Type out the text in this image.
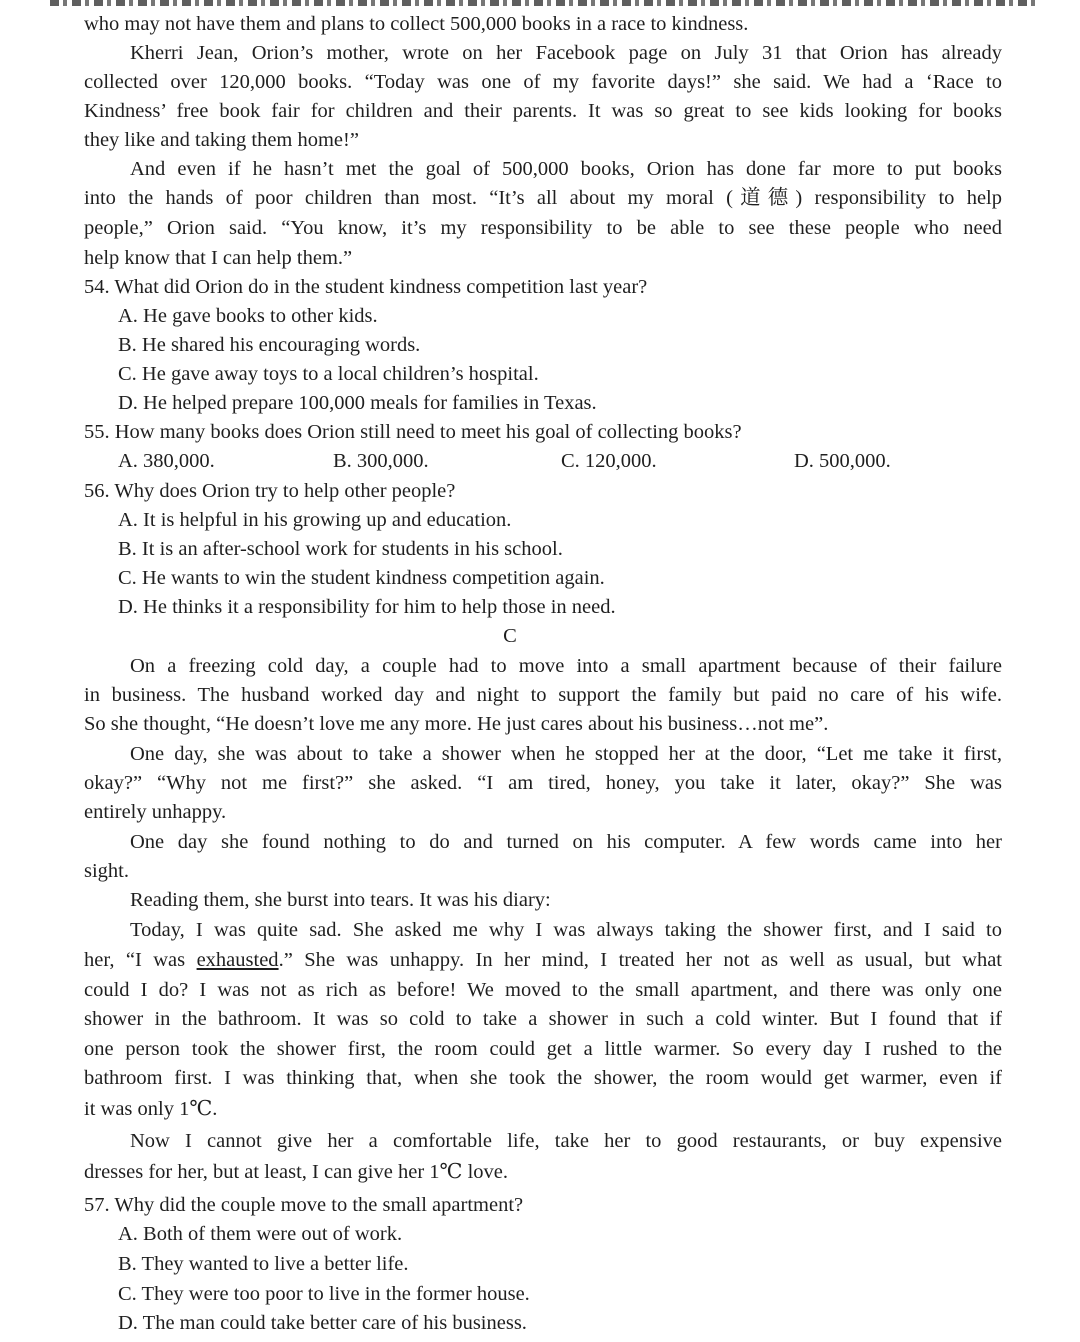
who may not have them and plans to collect 500,000 books in a race to kindness.
Kherri Jean, Orion’s mother, wrote on her Facebook page on July 31 that Orion has already
collected over 120,000 books. “Today was one of my favorite days!” she said. We had a ‘Race to
Kindness’ free book fair for children and their parents. It was so great to see kids looking for books
they like and taking them home!”
And even if he hasn’t met the goal of 500,000 books, Orion has done far more to put books
into the hands of poor children than most. “It’s all about my moral (道德) responsibility to help
people,” Orion said. “You know, it’s my responsibility to be able to see these people who need
help know that I can help them.”
54. What did Orion do in the student kindness competition last year?
A. He gave books to other kids.
B. He shared his encouraging words.
C. He gave away toys to a local children’s hospital.
D. He helped prepare 100,000 meals for families in Texas.
55. How many books does Orion still need to meet his goal of collecting books?
A. 380,000.	B. 300,000.	C. 120,000.	D. 500,000.
56. Why does Orion try to help other people?
A. It is helpful in his growing up and education.
B. It is an after-school work for students in his school.
C. He wants to win the student kindness competition again.
D. He thinks it a responsibility for him to help those in need.
C
On a freezing cold day, a couple had to move into a small apartment because of their failure
in business. The husband worked day and night to support the family but paid no care of his wife.
So she thought, “He doesn’t love me any more. He just cares about his business…not me”.
One day, she was about to take a shower when he stopped her at the door, “Let me take it first,
okay?” “Why not me first?” she asked. “I am tired, honey, you take it later, okay?” She was
entirely unhappy.
One day she found nothing to do and turned on his computer. A few words came into her
sight.
Reading them, she burst into tears. It was his diary:
Today, I was quite sad. She asked me why I was always taking the shower first, and I said to
her, “I was exhausted.” She was unhappy. In her mind, I treated her not as well as usual, but what
could I do? I was not as rich as before! We moved to the small apartment, and there was only one
shower in the bathroom. It was so cold to take a shower in such a cold winter. But I found that if
one person took the shower first, the room could get a little warmer. So every day I rushed to the
bathroom first. I was thinking that, when she took the shower, the room would get warmer, even if
it was only 1℃.
Now I cannot give her a comfortable life, take her to good restaurants, or buy expensive
dresses for her, but at least, I can give her 1℃ love.
57. Why did the couple move to the small apartment?
A. Both of them were out of work.
B. They wanted to live a better life.
C. They were too poor to live in the former house.
D. The man could take better care of his business.
